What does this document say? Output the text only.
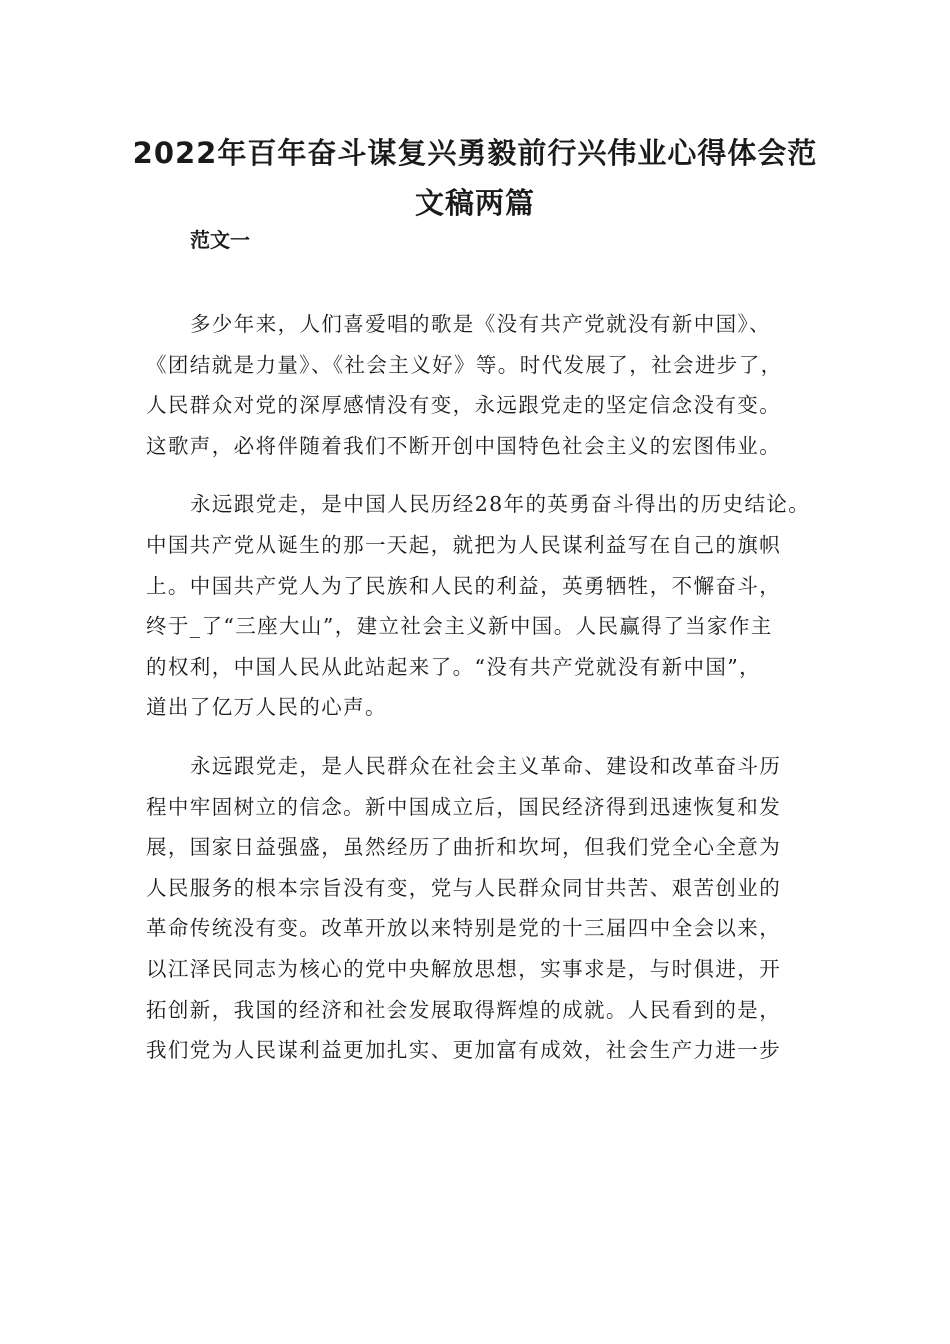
2022年百年奋斗谋复兴勇毅前行兴伟业心得体会范
文稿两篇
范文一

多少年来，人们喜爱唱的歌是《没有共产党就没有新中国》、
《团结就是力量》、《社会主义好》等。时代发展了，社会进步了，
人民群众对党的深厚感情没有变，永远跟党走的坚定信念没有变。
这歌声，必将伴随着我们不断开创中国特色社会主义的宏图伟业。

永远跟党走，是中国人民历经28年的英勇奋斗得出的历史结论。
中国共产党从诞生的那一天起，就把为人民谋利益写在自己的旗帜
上。中国共产党人为了民族和人民的利益，英勇牺牲，不懈奋斗，
终于_了“三座大山”，建立社会主义新中国。人民赢得了当家作主
的权利，中国人民从此站起来了。“没有共产党就没有新中国”，
道出了亿万人民的心声。

永远跟党走，是人民群众在社会主义革命、建设和改革奋斗历
程中牢固树立的信念。新中国成立后，国民经济得到迅速恢复和发
展，国家日益强盛，虽然经历了曲折和坎坷，但我们党全心全意为
人民服务的根本宗旨没有变，党与人民群众同甘共苦、艰苦创业的
革命传统没有变。改革开放以来特别是党的十三届四中全会以来，
以江泽民同志为核心的党中央解放思想，实事求是，与时俱进，开
拓创新，我国的经济和社会发展取得辉煌的成就。人民看到的是，
我们党为人民谋利益更加扎实、更加富有成效，社会生产力进一步
